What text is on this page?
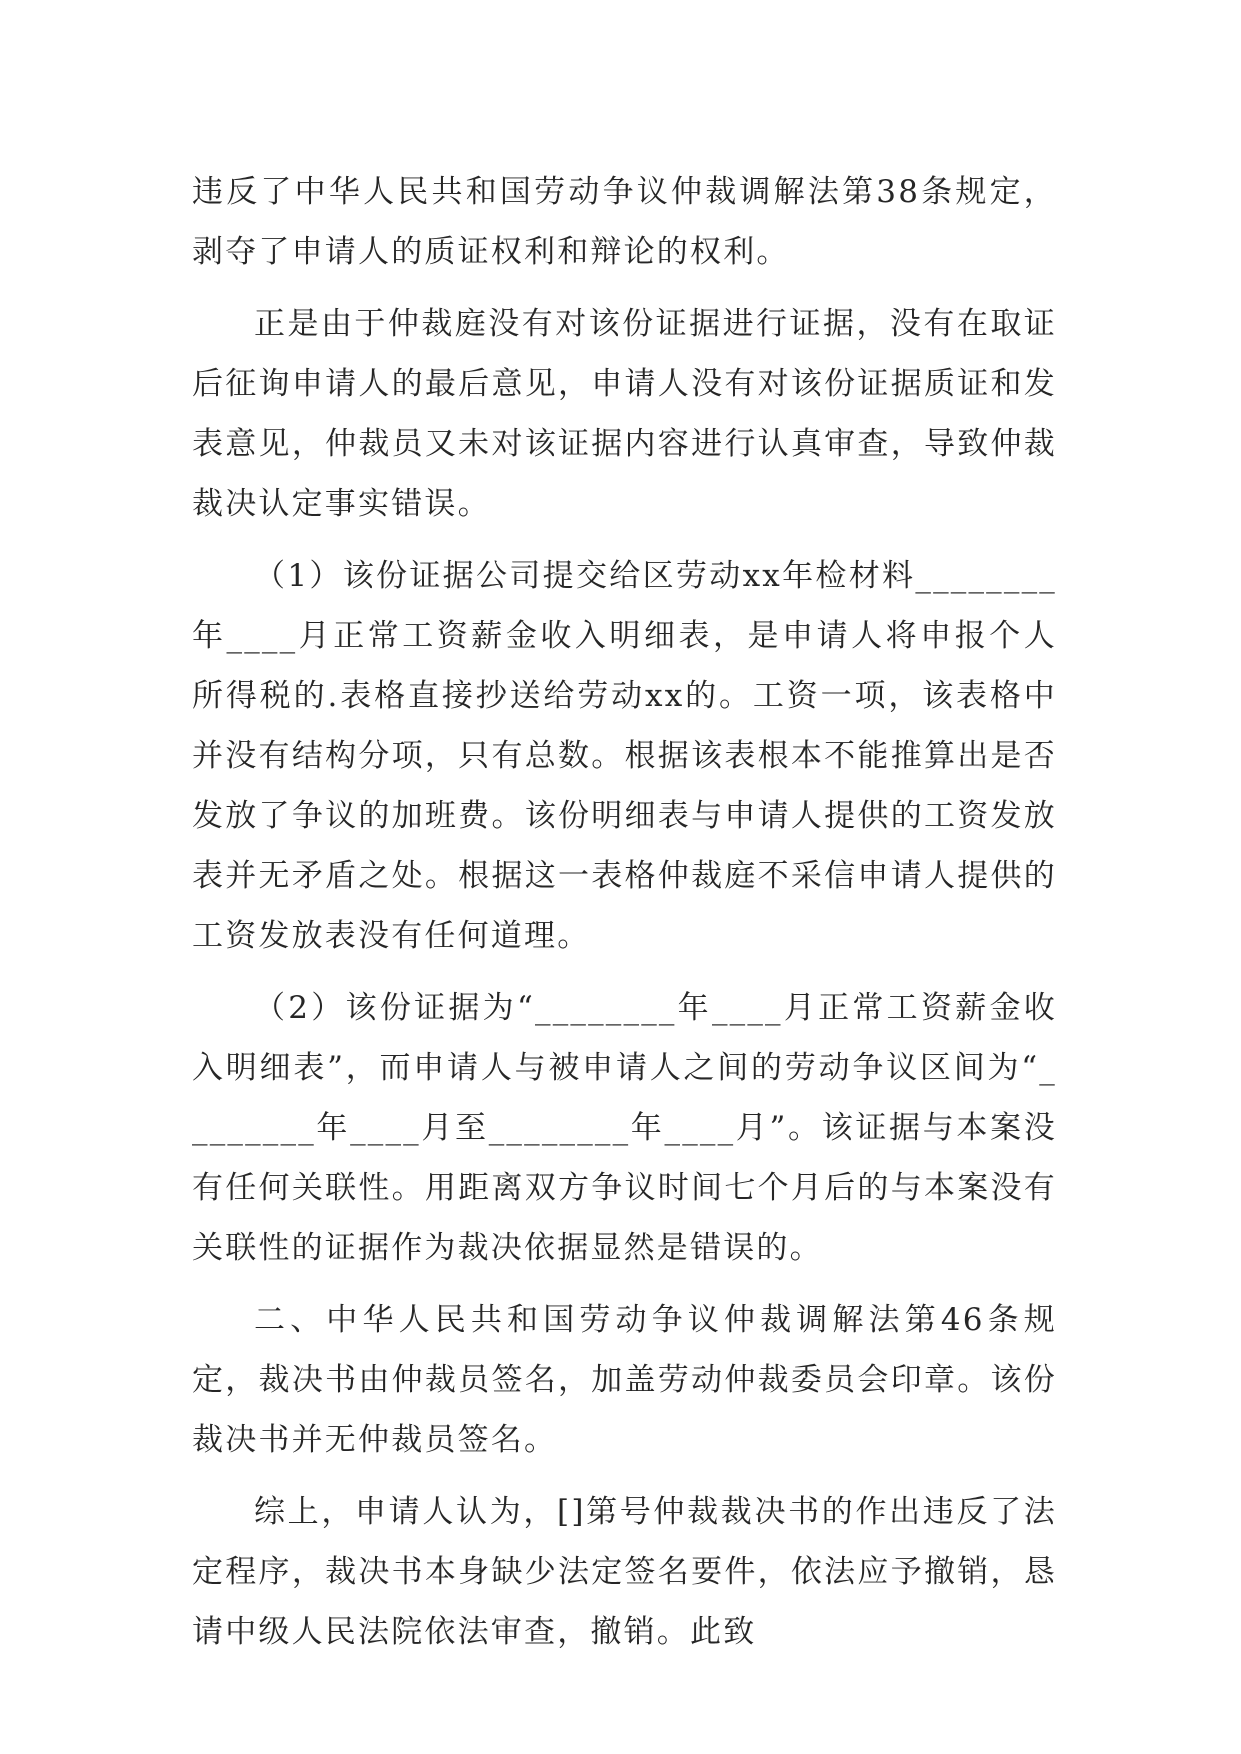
违反了中华人民共和国劳动争议仲裁调解法第38条规定，剥夺了申请人的质证权利和辩论的权利。

正是由于仲裁庭没有对该份证据进行证据，没有在取证后征询申请人的最后意见，申请人没有对该份证据质证和发表意见，仲裁员又未对该证据内容进行认真审查，导致仲裁裁决认定事实错误。

（1）该份证据公司提交给区劳动xx年检材料________年____月正常工资薪金收入明细表，是申请人将申报个人所得税的.表格直接抄送给劳动xx的。工资一项，该表格中并没有结构分项，只有总数。根据该表根本不能推算出是否发放了争议的加班费。该份明细表与申请人提供的工资发放表并无矛盾之处。根据这一表格仲裁庭不采信申请人提供的工资发放表没有任何道理。

（2）该份证据为“________年____月正常工资薪金收入明细表”，而申请人与被申请人之间的劳动争议区间为“________年____月至________年____月”。该证据与本案没有任何关联性。用距离双方争议时间七个月后的与本案没有关联性的证据作为裁决依据显然是错误的。

二、中华人民共和国劳动争议仲裁调解法第46条规定，裁决书由仲裁员签名，加盖劳动仲裁委员会印章。该份裁决书并无仲裁员签名。

综上，申请人认为，[]第号仲裁裁决书的作出违反了法定程序，裁决书本身缺少法定签名要件，依法应予撤销，恳请中级人民法院依法审查，撤销。此致
